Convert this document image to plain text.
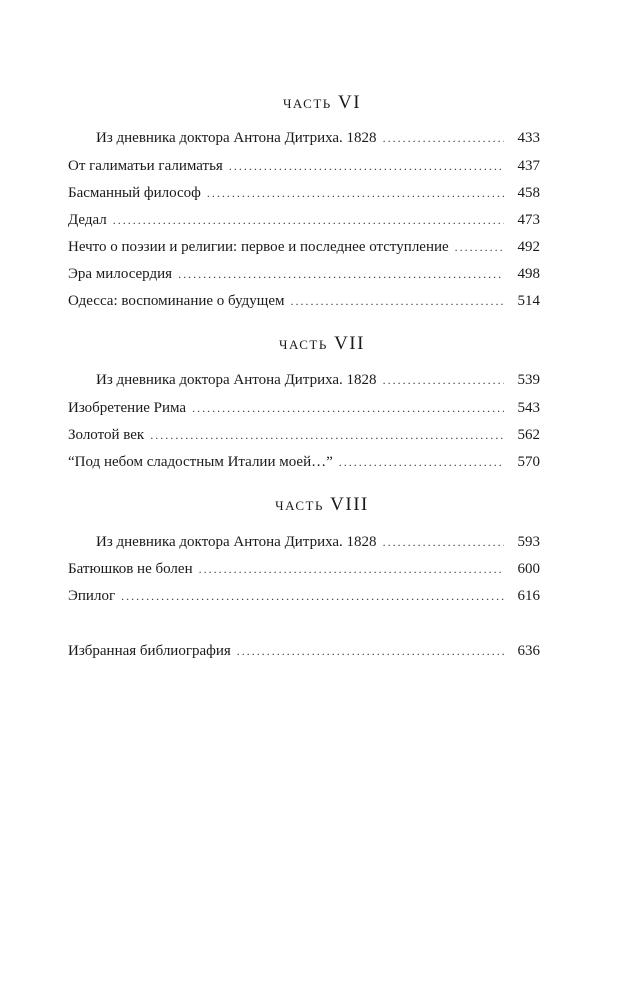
часть VI
Из дневника доктора Антона Дитриха. 1828 . . .	433
От галиматьи галиматья . . .	437
Басманный философ . . .	458
Дедал . . .	473
Нечто о поэзии и религии: первое и последнее отступление . . .	492
Эра милосердия . . .	498
Одесса: воспоминание о будущем . . .	514
часть VII
Из дневника доктора Антона Дитриха. 1828 . . .	539
Изобретение Рима . . .	543
Золотой век . . .	562
“Под небом сладостным Италии моей…” . . .	570
часть VIII
Из дневника доктора Антона Дитриха. 1828 . . .	593
Батюшков не болен . . .	600
Эпилог . . .	616
Избранная библиография . . .	636
